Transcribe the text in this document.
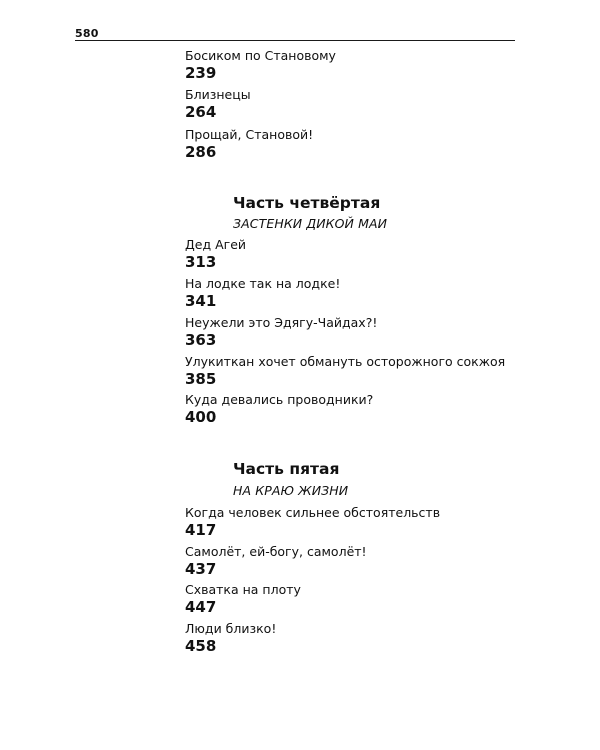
580
Босиком по Становому
239
Близнецы
264
Прощай, Становой!
286
Часть четвёртая
ЗАСТЕНКИ ДИКОЙ МАИ
Дед Агей
313
На лодке так на лодке!
341
Неужели это Эдягу-Чайдах?!
363
Улукиткан хочет обмануть осторожного сокжоя
385
Куда девались проводники?
400
Часть пятая
НА КРАЮ ЖИЗНИ
Когда человек сильнее обстоятельств
417
Самолёт, ей-богу, самолёт!
437
Схватка на плоту
447
Люди близко!
458
